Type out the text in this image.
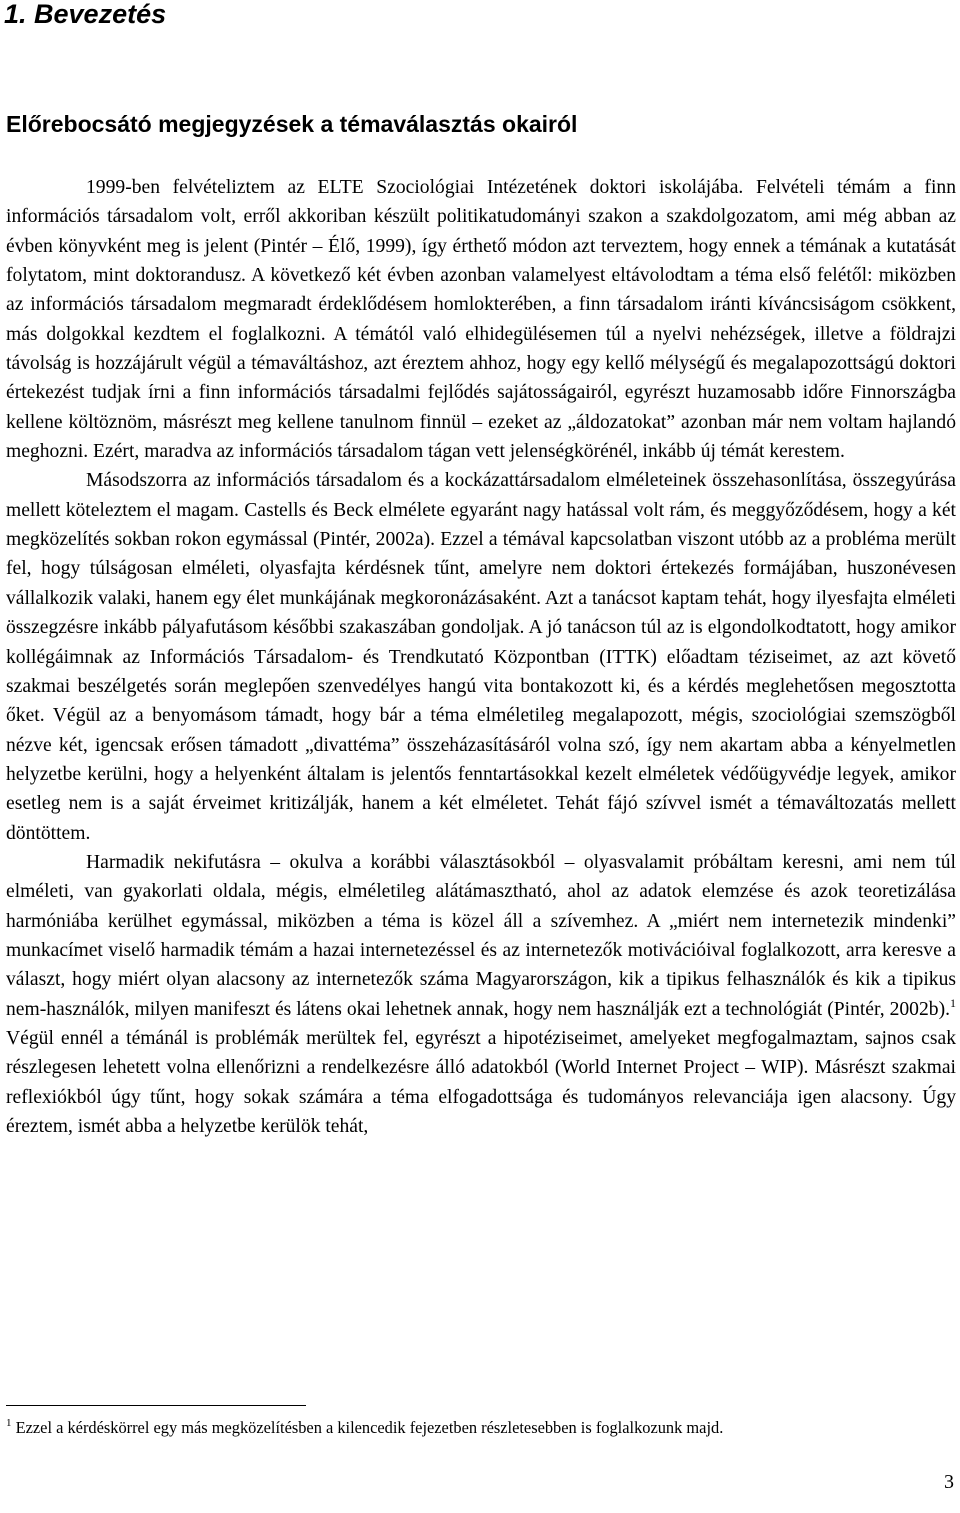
1. Bevezetés
Előrebocsátó megjegyzések a témaválasztás okairól

1999-ben felvételiztem az ELTE Szociológiai Intézetének doktori iskolájába. Felvételi témám a finn információs társadalom volt, erről akkoriban készült politikatudományi szakon a szakdolgozatom, ami még abban az évben könyvként meg is jelent (Pintér – Élő, 1999), így érthető módon azt terveztem, hogy ennek a témának a kutatását folytatom, mint doktorandusz. A következő két évben azonban valamelyest eltávolodtam a téma első felétől: miközben az információs társadalom megmaradt érdeklődésem homlokterében, a finn társadalom iránti kíváncsiságom csökkent, más dolgokkal kezdtem el foglalkozni. A témától való elhidegülésemen túl a nyelvi nehézségek, illetve a földrajzi távolság is hozzájárult végül a témaváltáshoz, azt éreztem ahhoz, hogy egy kellő mélységű és megalapozottságú doktori értekezést tudjak írni a finn információs társadalmi fejlődés sajátosságairól, egyrészt huzamosabb időre Finnországba kellene költöznöm, másrészt meg kellene tanulnom finnül – ezeket az „áldozatokat” azonban már nem voltam hajlandó meghozni. Ezért, maradva az információs társadalom tágan vett jelenségkörénél, inkább új témát kerestem.

Másodszorra az információs társadalom és a kockázattársadalom elméleteinek összehasonlítása, összegyúrása mellett köteleztem el magam. Castells és Beck elmélete egyaránt nagy hatással volt rám, és meggyőződésem, hogy a két megközelítés sokban rokon egymással (Pintér, 2002a). Ezzel a témával kapcsolatban viszont utóbb az a probléma merült fel, hogy túlságosan elméleti, olyasfajta kérdésnek tűnt, amelyre nem doktori értekezés formájában, huszonévesen vállalkozik valaki, hanem egy élet munkájának megkoronázásaként. Azt a tanácsot kaptam tehát, hogy ilyesfajta elméleti összegzésre inkább pályafutásom későbbi szakaszában gondoljak. A jó tanácson túl az is elgondolkodtatott, hogy amikor kollégáimnak az Információs Társadalom- és Trendkutató Központban (ITTK) előadtam téziseimet, az azt követő szakmai beszélgetés során meglepően szenvedélyes hangú vita bontakozott ki, és a kérdés meglehetősen megosztotta őket. Végül az a benyomásom támadt, hogy bár a téma elméletileg megalapozott, mégis, szociológiai szemszögből nézve két, igencsak erősen támadott „divattéma” összeházasításáról volna szó, így nem akartam abba a kényelmetlen helyzetbe kerülni, hogy a helyenként általam is jelentős fenntartásokkal kezelt elméletek védőügyvédje legyek, amikor esetleg nem is a saját érveimet kritizálják, hanem a két elméletet. Tehát fájó szívvel ismét a témaváltozatás mellett döntöttem.

Harmadik nekifutásra – okulva a korábbi választásokból – olyasvalamit próbáltam keresni, ami nem túl elméleti, van gyakorlati oldala, mégis, elméletileg alátámasztható, ahol az adatok elemzése és azok teoretizálása harmóniába kerülhet egymással, miközben a téma is közel áll a szívemhez. A „miért nem internetezik mindenki” munkacímet viselő harmadik témám a hazai internetezéssel és az internetezők motivációival foglalkozott, arra keresve a választ, hogy miért olyan alacsony az internetezők száma Magyarországon, kik a tipikus felhasználók és kik a tipikus nem-használók, milyen manifeszt és látens okai lehetnek annak, hogy nem használják ezt a technológiát (Pintér, 2002b).$^1$ Végül ennél a témánál is problémák merültek fel, egyrészt a hipotéziseimet, amelyeket megfogalmaztam, sajnos csak részlegesen lehetett volna ellenőrizni a rendelkezésre álló adatokból (World Internet Project – WIP). Másrészt szakmai reflexiókból úgy tűnt, hogy sokak számára a téma elfogadottsága és tudományos relevanciája igen alacsony. Úgy éreztem, ismét abba a helyzetbe kerülök tehát,

$^1$ Ezzel a kérdéskörrel egy más megközelítésben a kilencedik fejezetben részletesebben is foglalkozunk majd.

3
